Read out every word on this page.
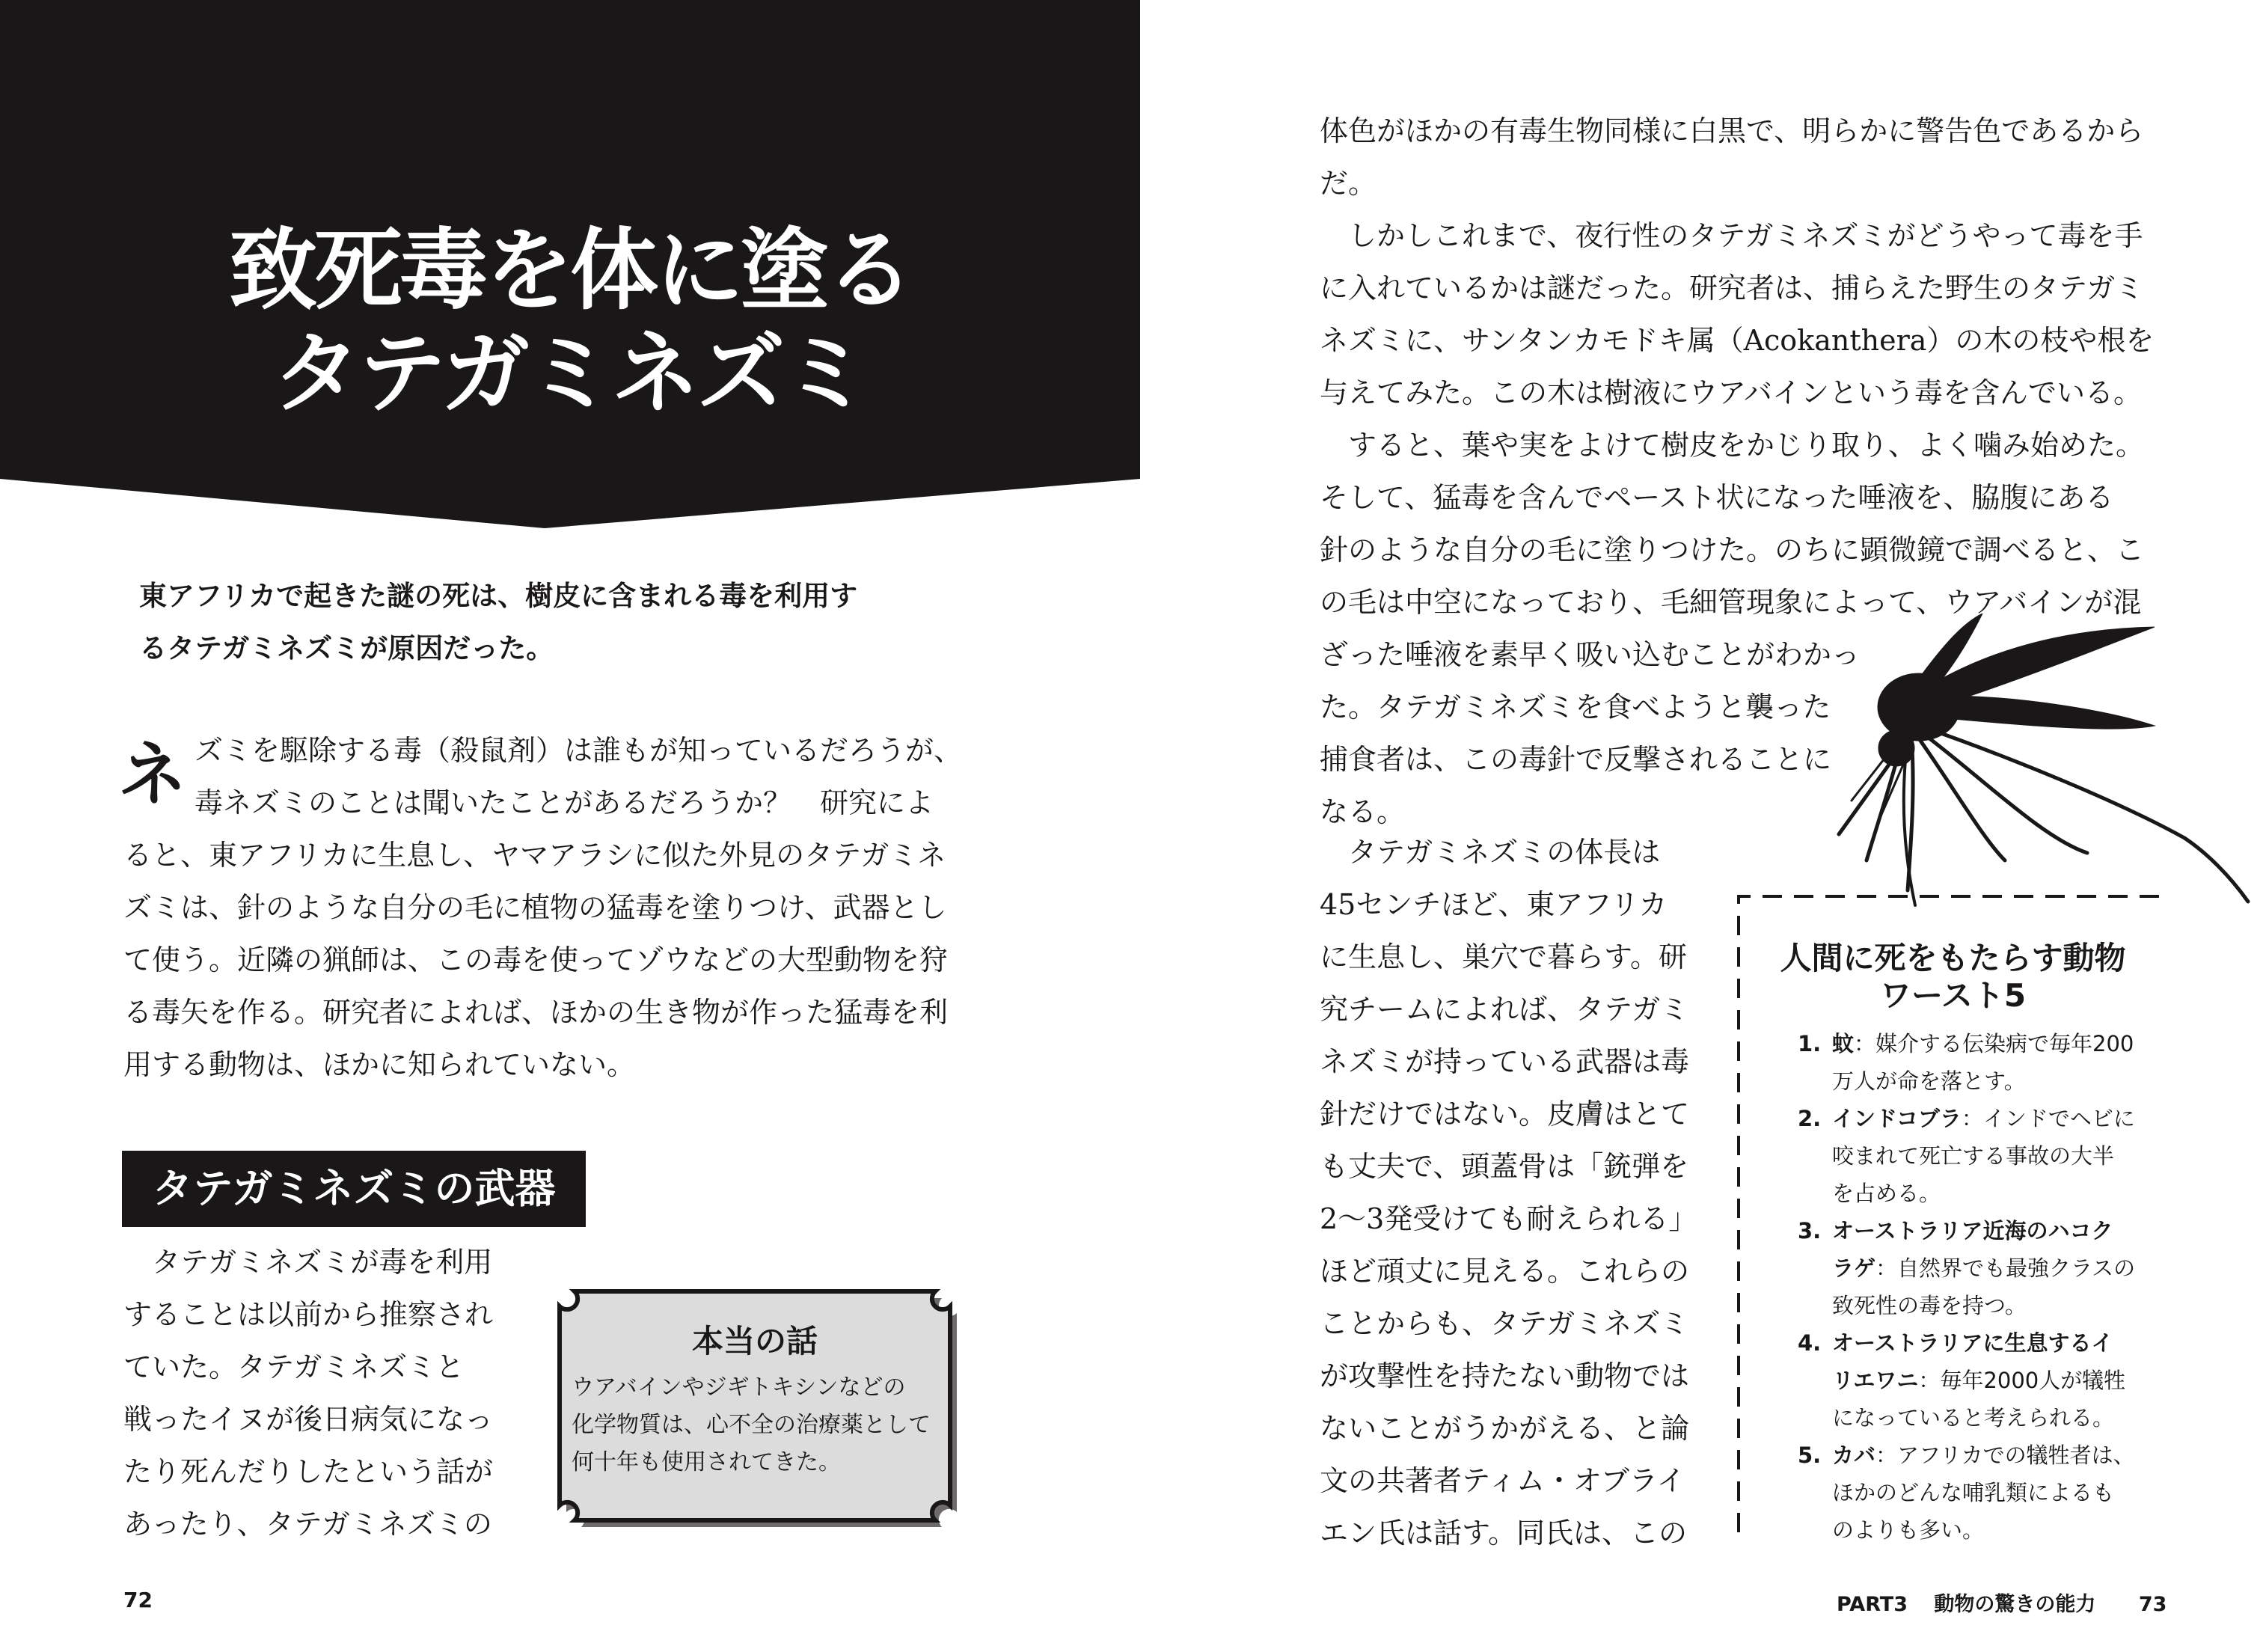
致死毒を体に塗る
タテガミネズミ
東アフリカで起きた謎の死は、樹皮に含まれる毒を利用す
るタテガミネズミが原因だった。
ネ ズミを駆除する毒（殺鼠剤）は誰もが知っているだろうが、
毒ネズミのことは聞いたことがあるだろうか？　研究によ
ると、東アフリカに生息し、ヤマアラシに似た外見のタテガミネ
ズミは、針のような自分の毛に植物の猛毒を塗りつけ、武器とし
て使う。近隣の猟師は、この毒を使ってゾウなどの大型動物を狩
る毒矢を作る。研究者によれば、ほかの生き物が作った猛毒を利
用する動物は、ほかに知られていない。
タテガミネズミの武器
タテガミネズミが毒を利用
することは以前から推察され
ていた。タテガミネズミと
戦ったイヌが後日病気になっ
たり死んだりしたという話が
あったり、タテガミネズミの
本当の話
ウアバインやジギトキシンなどの
化学物質は、心不全の治療薬として
何十年も使用されてきた。
72
体色がほかの有毒生物同様に白黒で、明らかに警告色であるから
だ。
　しかしこれまで、夜行性のタテガミネズミがどうやって毒を手
に入れているかは謎だった。研究者は、捕らえた野生のタテガミ
ネズミに、サンタンカモドキ属（Acokanthera）の木の枝や根を
与えてみた。この木は樹液にウアバインという毒を含んでいる。
　すると、葉や実をよけて樹皮をかじり取り、よく噛み始めた。
そして、猛毒を含んでペースト状になった唾液を、脇腹にある
針のような自分の毛に塗りつけた。のちに顕微鏡で調べると、こ
の毛は中空になっており、毛細管現象によって、ウアバインが混
ざった唾液を素早く吸い込むことがわかっ
た。タテガミネズミを食べようと襲った
捕食者は、この毒針で反撃されることに
なる。
　タテガミネズミの体長は
45センチほど、東アフリカ
に生息し、巣穴で暮らす。研
究チームによれば、タテガミ
ネズミが持っている武器は毒
針だけではない。皮膚はとて
も丈夫で、頭蓋骨は「銃弾を
2～3発受けても耐えられる」
ほど頑丈に見える。これらの
ことからも、タテガミネズミ
が攻撃性を持たない動物では
ないことがうかがえる、と論
文の共著者ティム・オブライ
エン氏は話す。同氏は、この
人間に死をもたらす動物
ワースト5
1. 蚊：媒介する伝染病で毎年200
万人が命を落とす。
2. インドコブラ：インドでヘビに
咬まれて死亡する事故の大半
を占める。
3. オーストラリア近海のハコク
ラゲ：自然界でも最強クラスの
致死性の毒を持つ。
4. オーストラリアに生息するイ
リエワニ：毎年2000人が犠牲
になっていると考えられる。
5. カバ：アフリカでの犠牲者は、
ほかのどんな哺乳類によるも
のよりも多い。
PART3 動物の驚きの能力 73
